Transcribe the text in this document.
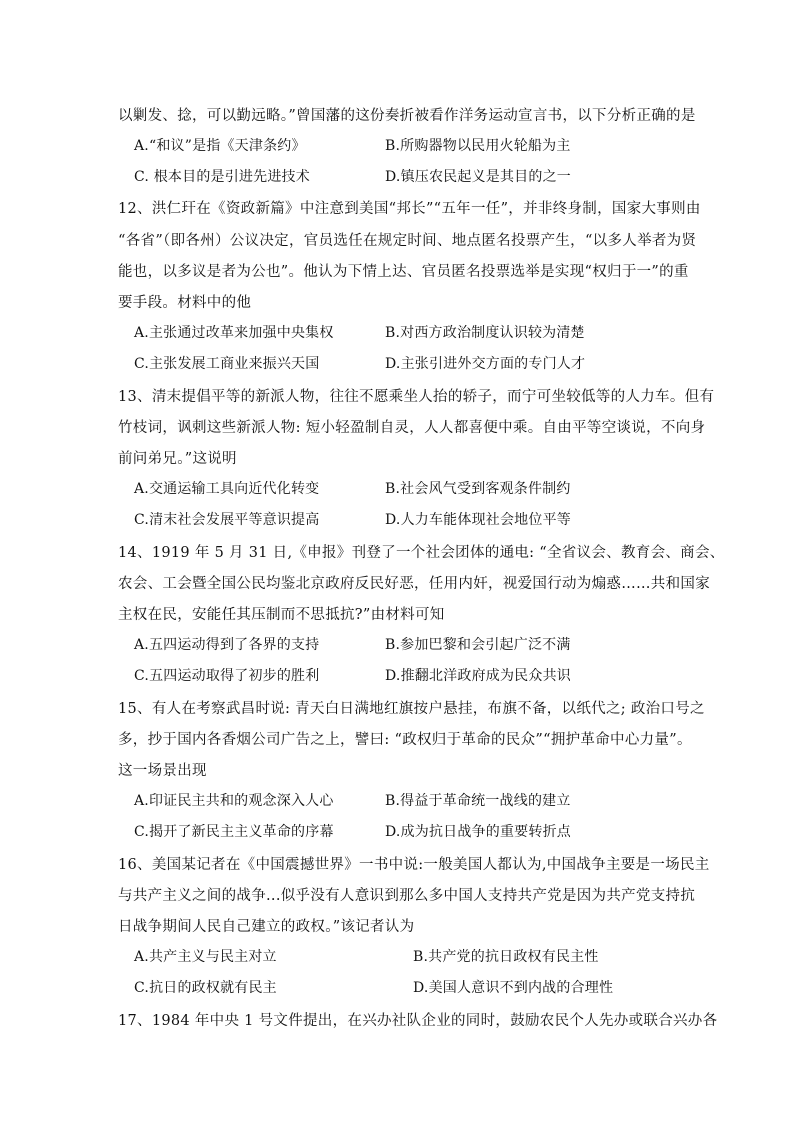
以剿发、捻，可以勤远略。”曾国藩的这份奏折被看作洋务运动宣言书，以下分析正确的是
A.“和议”是指《天津条约》	B.所购器物以民用火轮船为主
C. 根本目的是引进先进技术	D.镇压农民起义是其目的之一
12、洪仁玕在《资政新篇》中注意到美国“邦长”“五年一任”，并非终身制，国家大事则由
“各省”（即各州）公议决定，官员选任在规定时间、地点匿名投票产生，“以多人举者为贤
能也，以多议是者为公也”。他认为下情上达、官员匿名投票选举是实现“权归于一”的重
要手段。材料中的他
A.主张通过改革来加强中央集权	B.对西方政治制度认识较为清楚
C.主张发展工商业来振兴天国	D.主张引进外交方面的专门人才
13、清末提倡平等的新派人物，往往不愿乘坐人抬的轿子，而宁可坐较低等的人力车。但有
竹枝词，讽刺这些新派人物: 短小轻盈制自灵，人人都喜便中乘。自由平等空谈说，不向身
前问弟兄。”这说明
A.交通运输工具向近代化转变	B.社会风气受到客观条件制约
C.清末社会发展平等意识提高	D.人力车能体现社会地位平等
14、1919 年 5 月 31 日,《申报》刊登了一个社会团体的通电: “全省议会、教育会、商会、
农会、工会暨全国公民均鉴北京政府反民好恶，任用内奸，视爱国行动为煽惑……共和国家
主权在民，安能任其压制而不思抵抗?”由材料可知
A.五四运动得到了各界的支持	B.参加巴黎和会引起广泛不满
C.五四运动取得了初步的胜利	D.推翻北洋政府成为民众共识
15、有人在考察武昌时说: 青天白日满地红旗按户悬挂，布旗不备，以纸代之; 政治口号之
多，抄于国内各香烟公司广告之上，譬曰: “政权归于革命的民众”“拥护革命中心力量”。
这一场景出现
A.印证民主共和的观念深入人心	B.得益于革命统一战线的建立
C.揭开了新民主主义革命的序幕	D.成为抗日战争的重要转折点
16、美国某记者在《中国震撼世界》一书中说:一般美国人都认为,中国战争主要是一场民主
与共产主义之间的战争...似乎没有人意识到那么多中国人支持共产党是因为共产党支持抗
日战争期间人民自己建立的政权。”该记者认为
A.共产主义与民主对立	B.共产党的抗日政权有民主性
C.抗日的政权就有民主	D.美国人意识不到内战的合理性
17、1984 年中央 1 号文件提出，在兴办社队企业的同时，鼓励农民个人先办或联合兴办各
